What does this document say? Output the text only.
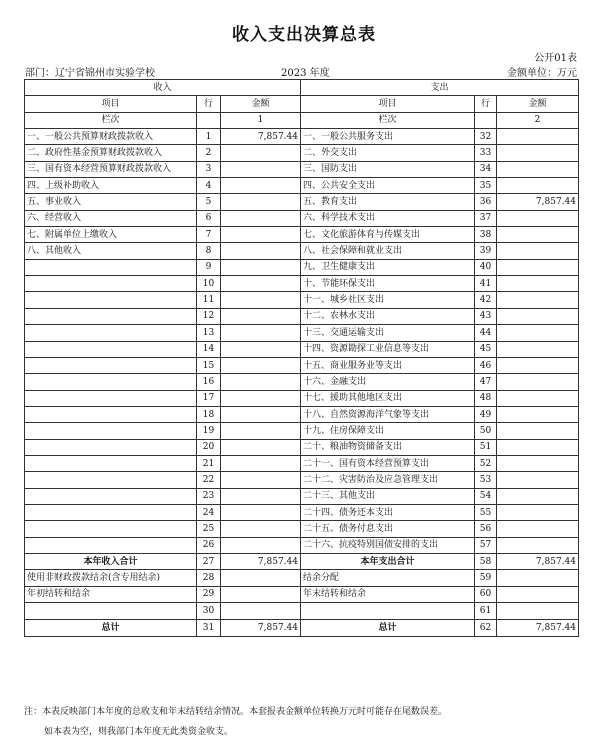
收入支出决算总表
公开01表
部门：辽宁省锦州市实验学校	2023 年度	金额单位：万元
收入			支出		
项目	行	金额	项目	行	金额
栏次		1	栏次		2
一、一般公共预算财政拨款收入	1	7,857.44	一、一般公共服务支出	32	
二、政府性基金预算财政拨款收入	2		二、外交支出	33	
三、国有资本经营预算财政拨款收入	3		三、国防支出	34	
四、上级补助收入	4		四、公共安全支出	35	
五、事业收入	5		五、教育支出	36	7,857.44
六、经营收入	6		六、科学技术支出	37	
七、附属单位上缴收入	7		七、文化旅游体育与传媒支出	38	
八、其他收入	8		八、社会保障和就业支出	39	
	9		九、卫生健康支出	40	
	10		十、节能环保支出	41	
	11		十一、城乡社区支出	42	
	12		十二、农林水支出	43	
	13		十三、交通运输支出	44	
	14		十四、资源勘探工业信息等支出	45	
	15		十五、商业服务业等支出	46	
	16		十六、金融支出	47	
	17		十七、援助其他地区支出	48	
	18		十八、自然资源海洋气象等支出	49	
	19		十九、住房保障支出	50	
	20		二十、粮油物资储备支出	51	
	21		二十一、国有资本经营预算支出	52	
	22		二十二、灾害防治及应急管理支出	53	
	23		二十三、其他支出	54	
	24		二十四、债务还本支出	55	
	25		二十五、债务付息支出	56	
	26		二十六、抗疫特别国债安排的支出	57	
本年收入合计	27	7,857.44	本年支出合计	58	7,857.44
使用非财政拨款结余(含专用结余)	28		结余分配	59	
年初结转和结余	29		年末结转和结余	60	
	30			61	
总计	31	7,857.44	总计	62	7,857.44
注：本表反映部门本年度的总收支和年末结转结余情况。本套报表金额单位转换万元时可能存在尾数误差。
如本表为空，则我部门本年度无此类资金收支。
